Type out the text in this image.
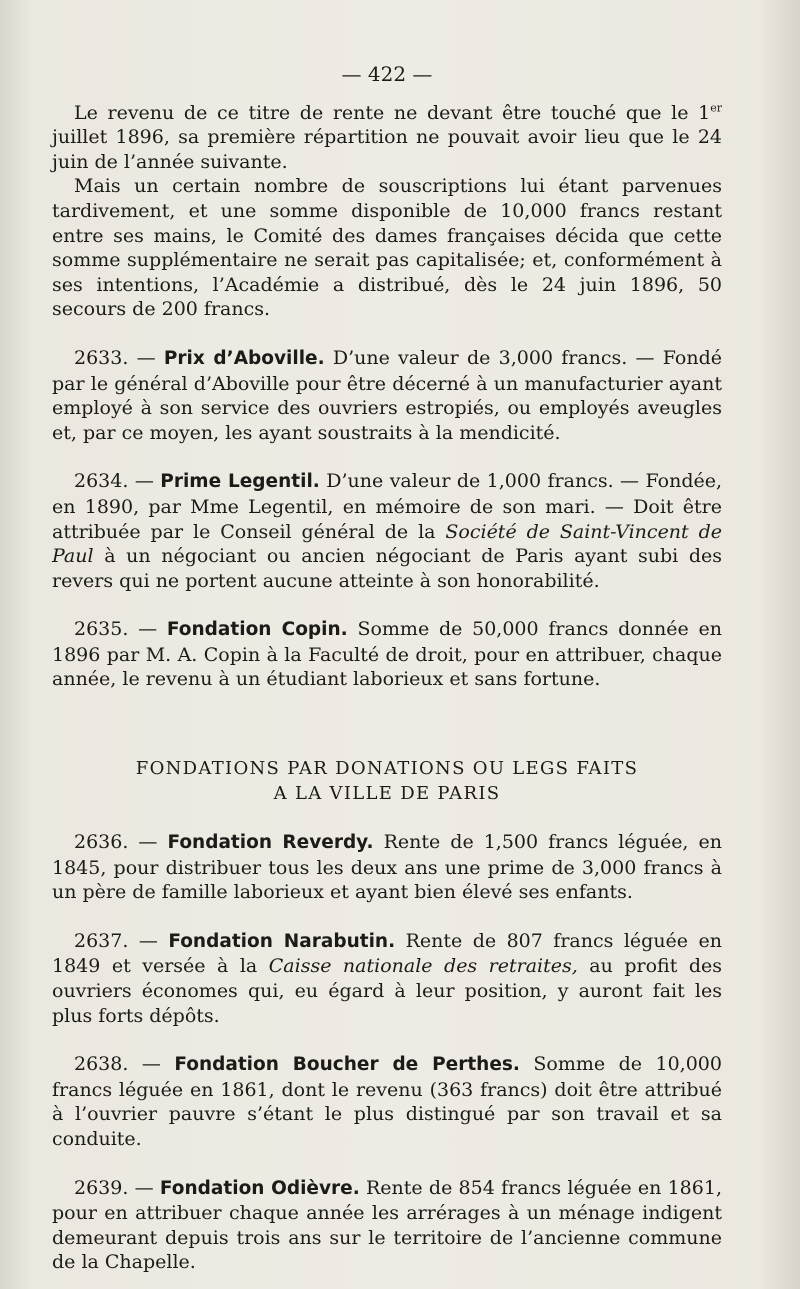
— 422 —

Le revenu de ce titre de rente ne devant être touché que le 1er juillet 1896, sa première répartition ne pouvait avoir lieu que le 24 juin de l’année suivante.

Mais un certain nombre de souscriptions lui étant parvenues tardivement, et une somme disponible de 10,000 francs restant entre ses mains, le Comité des dames françaises décida que cette somme supplémentaire ne serait pas capitalisée; et, conformément à ses intentions, l’Académie a distribué, dès le 24 juin 1896, 50 secours de 200 francs.

2633. — Prix d’Aboville. D’une valeur de 3,000 francs. — Fondé par le général d’Aboville pour être décerné à un manufacturier ayant employé à son service des ouvriers estropiés, ou employés aveugles et, par ce moyen, les ayant soustraits à la mendicité.

2634. — Prime Legentil. D’une valeur de 1,000 francs. — Fondée, en 1890, par Mme Legentil, en mémoire de son mari. — Doit être attribuée par le Conseil général de la Société de Saint-Vincent de Paul à un négociant ou ancien négociant de Paris ayant subi des revers qui ne portent aucune atteinte à son honorabilité.

2635. — Fondation Copin. Somme de 50,000 francs donnée en 1896 par M. A. Copin à la Faculté de droit, pour en attribuer, chaque année, le revenu à un étudiant laborieux et sans fortune.

FONDATIONS PAR DONATIONS OU LEGS FAITS
A LA VILLE DE PARIS

2636. — Fondation Reverdy. Rente de 1,500 francs léguée, en 1845, pour distribuer tous les deux ans une prime de 3,000 francs à un père de famille laborieux et ayant bien élevé ses enfants.

2637. — Fondation Narabutin. Rente de 807 francs léguée en 1849 et versée à la Caisse nationale des retraites, au profit des ouvriers économes qui, eu égard à leur position, y auront fait les plus forts dépôts.

2638. — Fondation Boucher de Perthes. Somme de 10,000 francs léguée en 1861, dont le revenu (363 francs) doit être attribué à l’ouvrier pauvre s’étant le plus distingué par son travail et sa conduite.

2639. — Fondation Odièvre. Rente de 854 francs léguée en 1861, pour en attribuer chaque année les arrérages à un ménage indigent demeurant depuis trois ans sur le territoire de l’ancienne commune de la Chapelle.
